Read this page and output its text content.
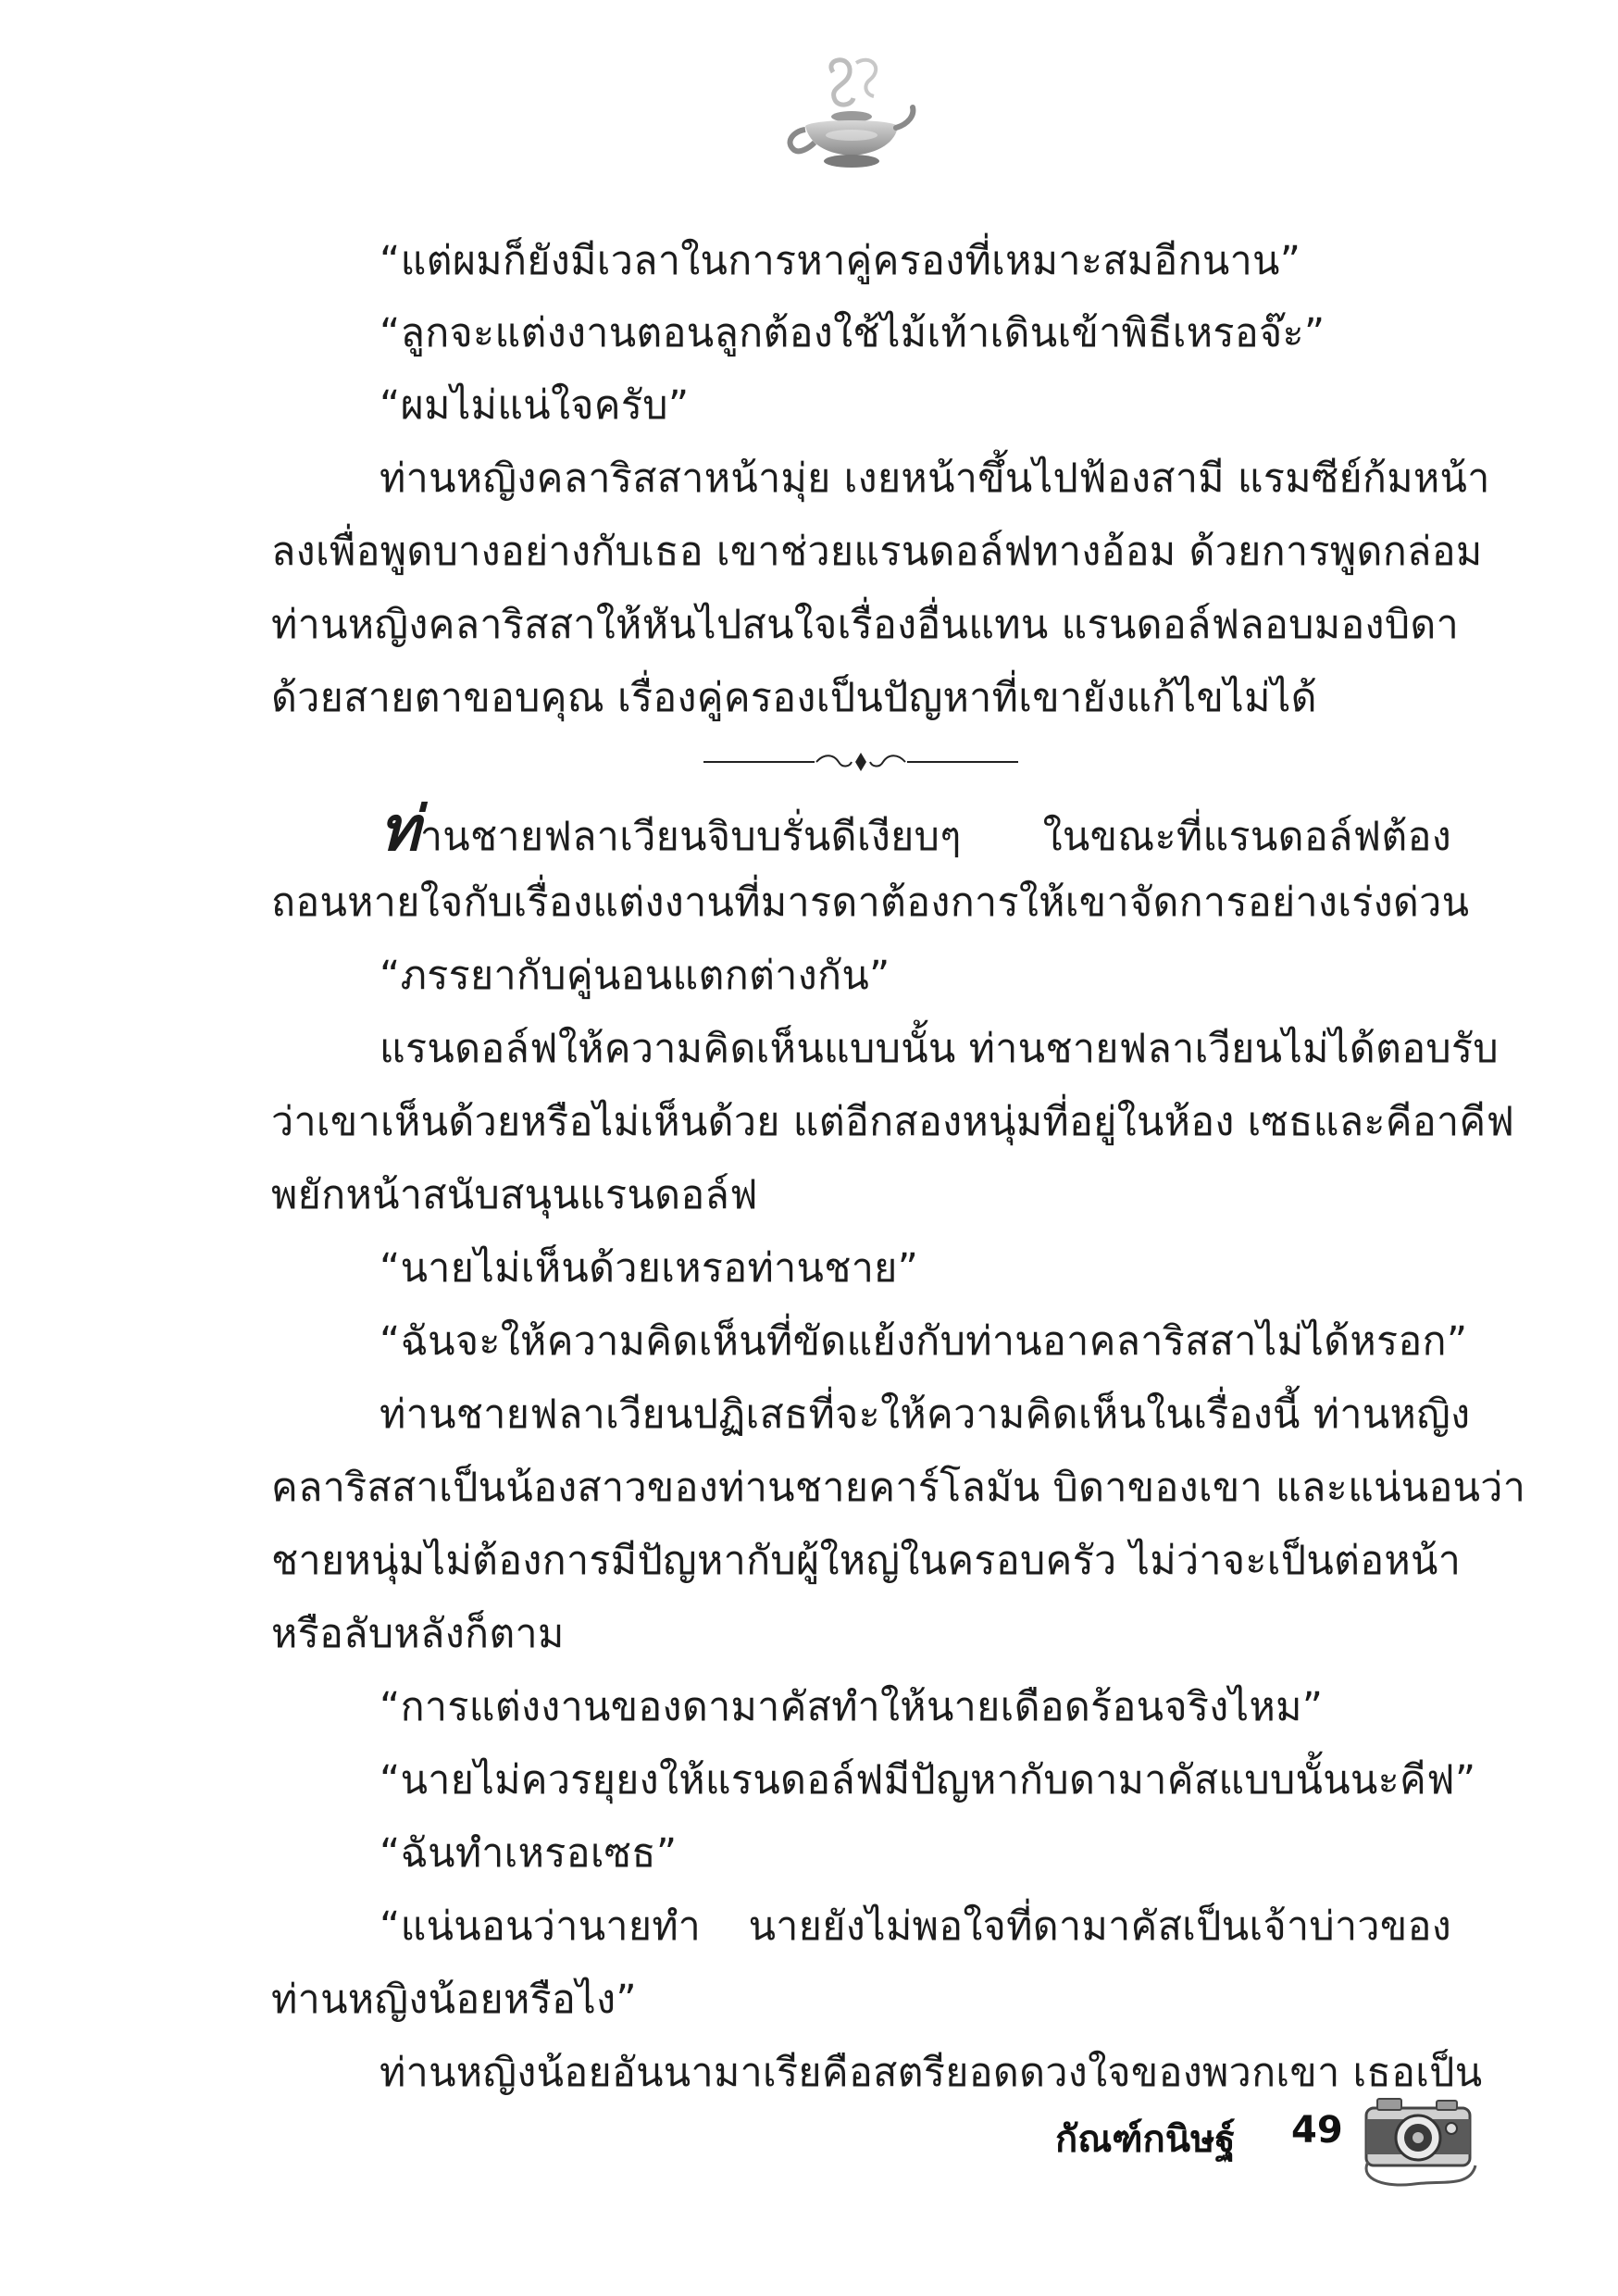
“แต่ผมก็ยังมีเวลาในการหาคู่ครองที่เหมาะสมอีกนาน”
“ลูกจะแต่งงานตอนลูกต้องใช้ไม้เท้าเดินเข้าพิธีเหรอจ๊ะ”
“ผมไม่แน่ใจครับ”
ท่านหญิงคลาริสสาหน้ามุ่ย เงยหน้าขึ้นไปฟ้องสามี แรมซีย์ก้มหน้า
ลงเพื่อพูดบางอย่างกับเธอ เขาช่วยแรนดอล์ฟทางอ้อม ด้วยการพูดกล่อม
ท่านหญิงคลาริสสาให้หันไปสนใจเรื่องอื่นแทน แรนดอล์ฟลอบมองบิดา
ด้วยสายตาขอบคุณ เรื่องคู่ครองเป็นปัญหาที่เขายังแก้ไขไม่ได้
ท่านชายฟลาเวียนจิบบรั่นดีเงียบๆ ในขณะที่แรนดอล์ฟต้อง
ถอนหายใจกับเรื่องแต่งงานที่มารดาต้องการให้เขาจัดการอย่างเร่งด่วน
“ภรรยากับคู่นอนแตกต่างกัน”
แรนดอล์ฟให้ความคิดเห็นแบบนั้น ท่านชายฟลาเวียนไม่ได้ตอบรับ
ว่าเขาเห็นด้วยหรือไม่เห็นด้วย แต่อีกสองหนุ่มที่อยู่ในห้อง เซธและคีอาคีฟ
พยักหน้าสนับสนุนแรนดอล์ฟ
“นายไม่เห็นด้วยเหรอท่านชาย”
“ฉันจะให้ความคิดเห็นที่ขัดแย้งกับท่านอาคลาริสสาไม่ได้หรอก”
ท่านชายฟลาเวียนปฏิเสธที่จะให้ความคิดเห็นในเรื่องนี้ ท่านหญิง
คลาริสสาเป็นน้องสาวของท่านชายคาร์โลมัน บิดาของเขา และแน่นอนว่า
ชายหนุ่มไม่ต้องการมีปัญหากับผู้ใหญ่ในครอบครัว ไม่ว่าจะเป็นต่อหน้า
หรือลับหลังก็ตาม
“การแต่งงานของดามาคัสทำให้นายเดือดร้อนจริงไหม”
“นายไม่ควรยุยงให้แรนดอล์ฟมีปัญหากับดามาคัสแบบนั้นนะคีฟ”
“ฉันทำเหรอเซธ”
“แน่นอนว่านายทำ นายยังไม่พอใจที่ดามาคัสเป็นเจ้าบ่าวของ
ท่านหญิงน้อยหรือไง”
ท่านหญิงน้อยอันนามาเรียคือสตรียอดดวงใจของพวกเขา เธอเป็น
กัณฑ์กนิษฐ์ 49
